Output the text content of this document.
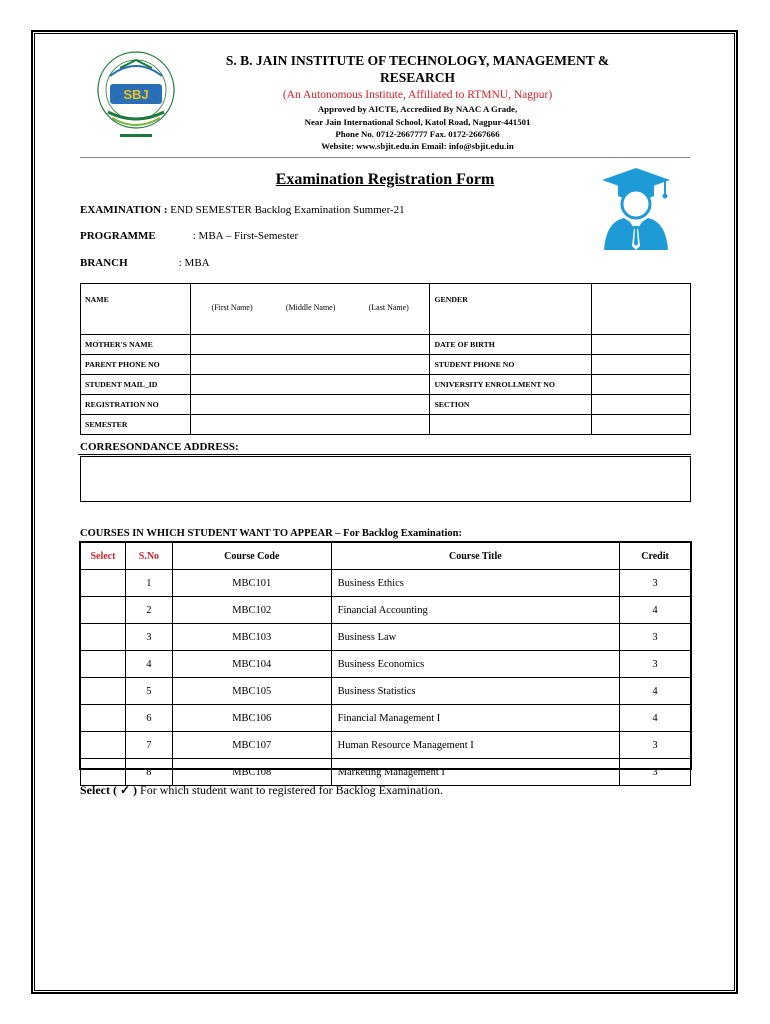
SBJ
S. B. JAIN INSTITUTE OF TECHNOLOGY, MANAGEMENT & RESEARCH
(An Autonomous Institute, Affiliated to RTMNU, Nagpur)
Approved by AICTE, Accredited By NAAC A Grade,
Near Jain International School, Katol Road, Nagpur-441501
Phone No. 0712-2667777 Fax. 0172-2667666
Website: www.sbjit.edu.in Email: info@sbjit.edu.in
Examination Registration Form
EXAMINATION : END SEMESTER Backlog Examination Summer-21
PROGRAMME	: MBA – First-Semester
BRANCH	: MBA
NAME	(First Name) (Middle Name) (Last Name)	GENDER	
MOTHER'S NAME		DATE OF BIRTH	
PARENT PHONE NO		STUDENT PHONE NO	
STUDENT MAIL_ID		UNIVERSITY ENROLLMENT NO	
REGISTRATION NO		SECTION	
SEMESTER			
CORRESONDANCE ADDRESS:
COURSES IN WHICH STUDENT WANT TO APPEAR – For Backlog Examination:
Select	S.No	Course Code	Course Title	Credit
	1	MBC101	Business Ethics	3
	2	MBC102	Financial Accounting	4
	3	MBC103	Business Law	3
	4	MBC104	Business Economics	3
	5	MBC105	Business Statistics	4
	6	MBC106	Financial Management I	4
	7	MBC107	Human Resource Management I	3
	8	MBC108	Marketing Management I	3
Select ( ✓ ) For which student want to registered for Backlog Examination.
